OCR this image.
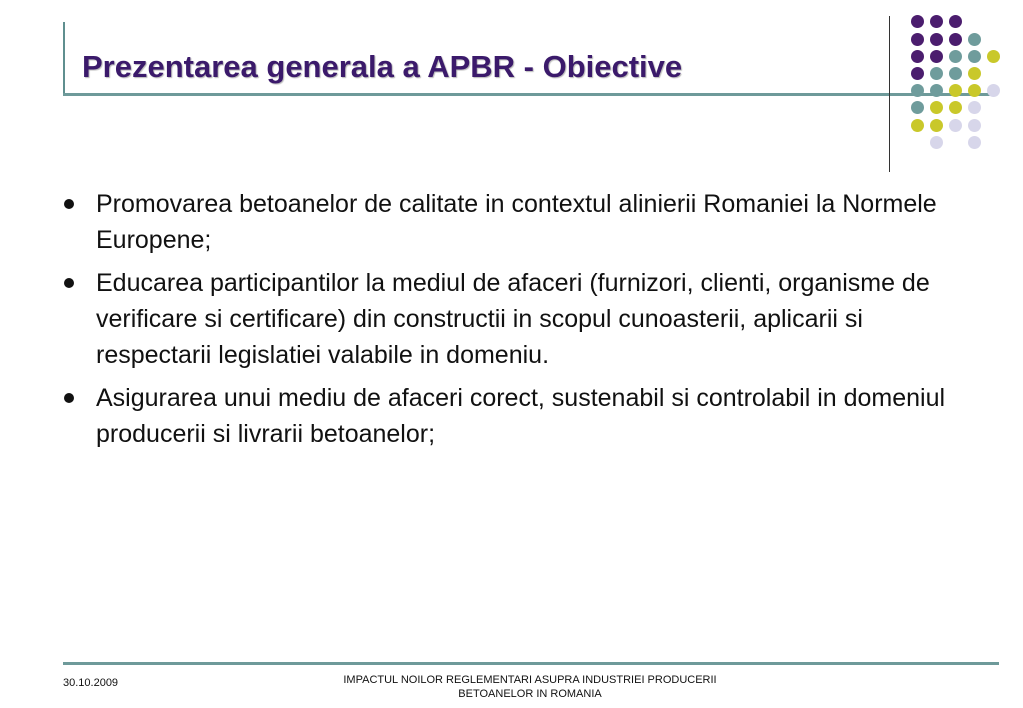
Prezentarea generala a APBR - Obiective
Promovarea betoanelor de calitate in contextul alinierii Romaniei la Normele Europene;
Educarea participantilor la mediul de afaceri (furnizori, clienti, organisme de verificare si certificare) din constructii in scopul cunoasterii, aplicarii si respectarii legislatiei valabile in domeniu.
Asigurarea unui mediu de afaceri corect, sustenabil si controlabil in domeniul producerii si livrarii betoanelor;
30.10.2009	IMPACTUL NOILOR REGLEMENTARI ASUPRA INDUSTRIEI PRODUCERII
BETOANELOR IN ROMANIA
